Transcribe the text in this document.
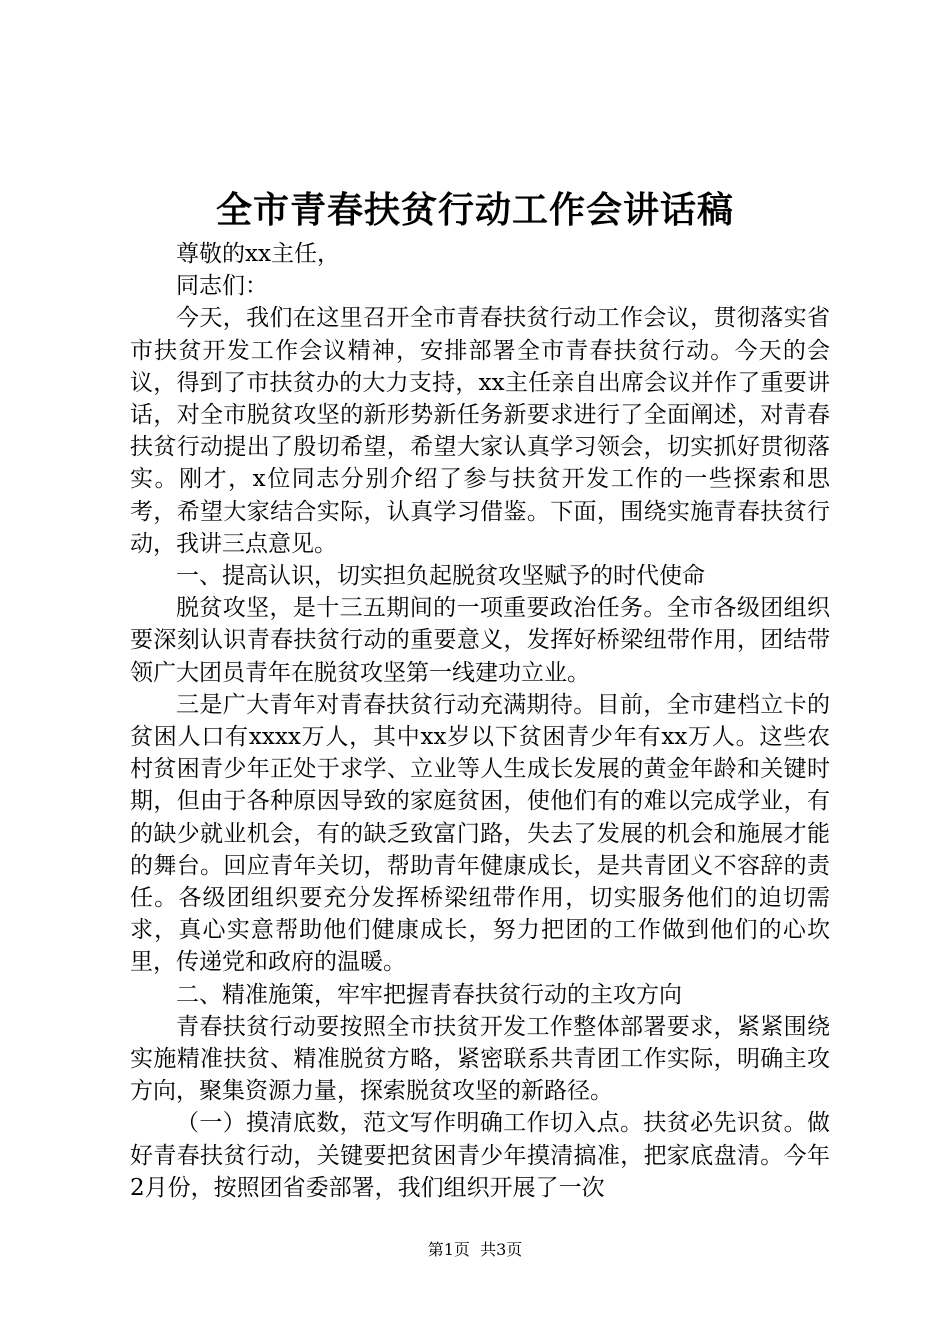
全市青春扶贫行动工作会讲话稿

尊敬的xx主任，

同志们：

今天，我们在这里召开全市青春扶贫行动工作会议，贯彻落实省市扶贫开发工作会议精神，安排部署全市青春扶贫行动。今天的会议，得到了市扶贫办的大力支持，xx主任亲自出席会议并作了重要讲话，对全市脱贫攻坚的新形势新任务新要求进行了全面阐述，对青春扶贫行动提出了殷切希望，希望大家认真学习领会，切实抓好贯彻落实。刚才，x位同志分别介绍了参与扶贫开发工作的一些探索和思考，希望大家结合实际，认真学习借鉴。下面，围绕实施青春扶贫行动，我讲三点意见。

一、提高认识，切实担负起脱贫攻坚赋予的时代使命

脱贫攻坚，是十三五期间的一项重要政治任务。全市各级团组织要深刻认识青春扶贫行动的重要意义，发挥好桥梁纽带作用，团结带领广大团员青年在脱贫攻坚第一线建功立业。

三是广大青年对青春扶贫行动充满期待。目前，全市建档立卡的贫困人口有xxxx万人，其中xx岁以下贫困青少年有xx万人。这些农村贫困青少年正处于求学、立业等人生成长发展的黄金年龄和关键时期，但由于各种原因导致的家庭贫困，使他们有的难以完成学业，有的缺少就业机会，有的缺乏致富门路，失去了发展的机会和施展才能的舞台。回应青年关切，帮助青年健康成长，是共青团义不容辞的责任。各级团组织要充分发挥桥梁纽带作用，切实服务他们的迫切需求，真心实意帮助他们健康成长，努力把团的工作做到他们的心坎里，传递党和政府的温暖。

二、精准施策，牢牢把握青春扶贫行动的主攻方向

青春扶贫行动要按照全市扶贫开发工作整体部署要求，紧紧围绕实施精准扶贫、精准脱贫方略，紧密联系共青团工作实际，明确主攻方向，聚集资源力量，探索脱贫攻坚的新路径。

（一）摸清底数，范文写作明确工作切入点。扶贫必先识贫。做好青春扶贫行动，关键要把贫困青少年摸清搞准，把家底盘清。今年2月份，按照团省委部署，我们组织开展了一次

第1页 共3页
